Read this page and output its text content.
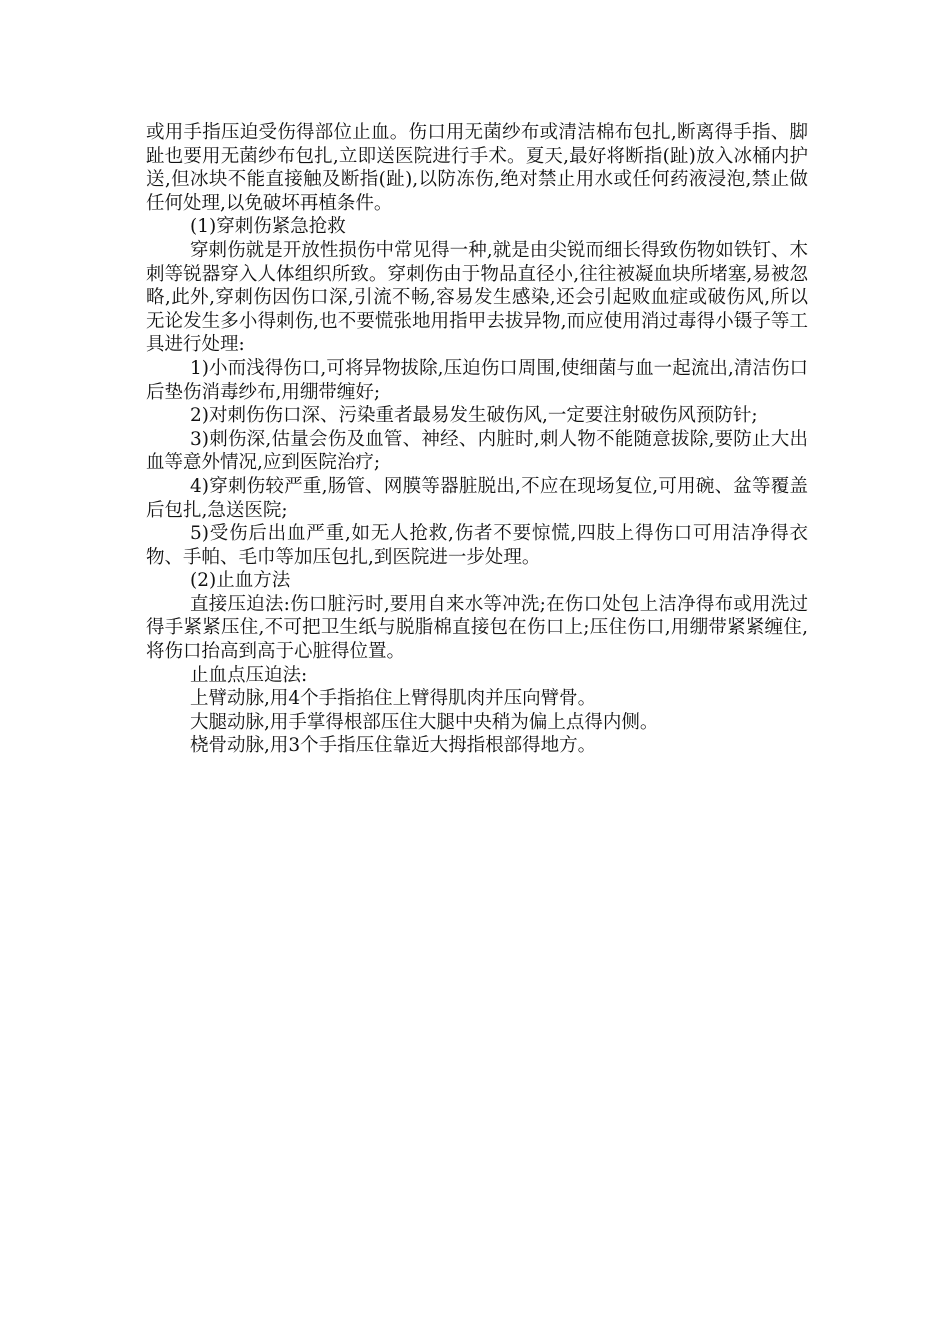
或用手指压迫受伤得部位止血。伤口用无菌纱布或清洁棉布包扎,断离得手指、脚趾也要用无菌纱布包扎,立即送医院进行手术。夏天,最好将断指(趾)放入冰桶内护送,但冰块不能直接触及断指(趾),以防冻伤,绝对禁止用水或任何药液浸泡,禁止做任何处理,以免破坏再植条件。

(1)穿刺伤紧急抢救

穿刺伤就是开放性损伤中常见得一种,就是由尖锐而细长得致伤物如铁钉、木刺等锐器穿入人体组织所致。穿刺伤由于物品直径小,往往被凝血块所堵塞,易被忽略,此外,穿刺伤因伤口深,引流不畅,容易发生感染,还会引起败血症或破伤风,所以无论发生多小得刺伤,也不要慌张地用指甲去拔异物,而应使用消过毒得小镊子等工具进行处理:

1)小而浅得伤口,可将异物拔除,压迫伤口周围,使细菌与血一起流出,清洁伤口后垫伤消毒纱布,用绷带缠好;

2)对刺伤伤口深、污染重者最易发生破伤风,一定要注射破伤风预防针;

3)刺伤深,估量会伤及血管、神经、内脏时,刺人物不能随意拔除,要防止大出血等意外情况,应到医院治疗;

4)穿刺伤较严重,肠管、网膜等器脏脱出,不应在现场复位,可用碗、盆等覆盖后包扎,急送医院;

5)受伤后出血严重,如无人抢救,伤者不要惊慌,四肢上得伤口可用洁净得衣物、手帕、毛巾等加压包扎,到医院进一步处理。

(2)止血方法

直接压迫法:伤口脏污时,要用自来水等冲洗;在伤口处包上洁净得布或用洗过得手紧紧压住,不可把卫生纸与脱脂棉直接包在伤口上;压住伤口,用绷带紧紧缠住,将伤口抬高到高于心脏得位置。

止血点压迫法:

上臂动脉,用4个手指掐住上臂得肌肉并压向臂骨。

大腿动脉,用手掌得根部压住大腿中央稍为偏上点得内侧。

桡骨动脉,用3个手指压住靠近大拇指根部得地方。
